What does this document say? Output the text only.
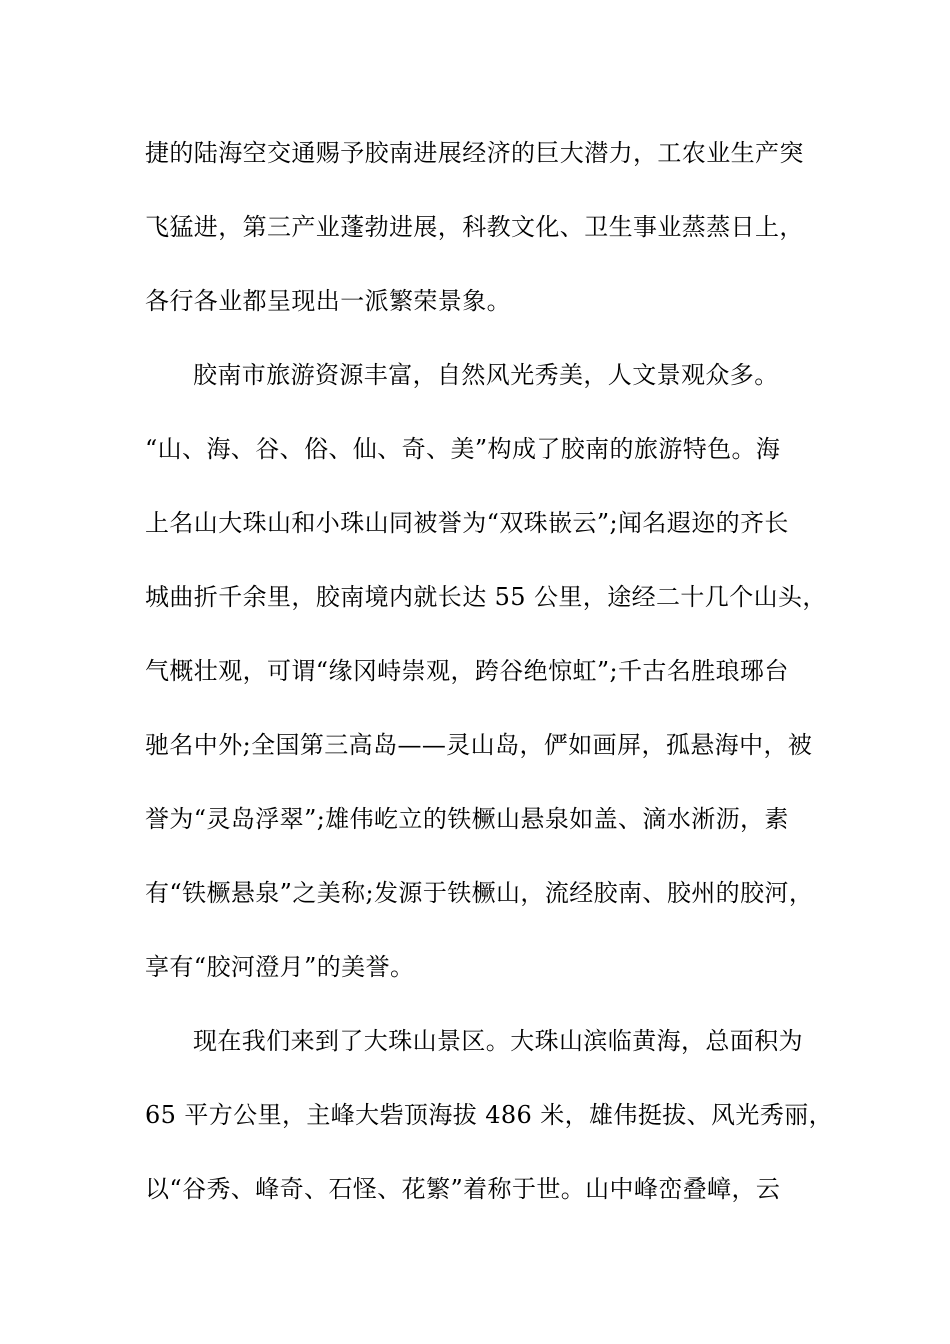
捷的陆海空交通赐予胶南进展经济的巨大潜力，工农业生产突
飞猛进，第三产业蓬勃进展，科教文化、卫生事业蒸蒸日上，
各行各业都呈现出一派繁荣景象。
胶南市旅游资源丰富，自然风光秀美，人文景观众多。
“山、海、谷、俗、仙、奇、美”构成了胶南的旅游特色。海
上名山大珠山和小珠山同被誉为“双珠嵌云”;闻名遐迩的齐长
城曲折千余里，胶南境内就长达 55 公里，途经二十几个山头，
气概壮观，可谓“缘冈峙崇观，跨谷绝惊虹”;千古名胜琅琊台
驰名中外;全国第三高岛——灵山岛，俨如画屏，孤悬海中，被
誉为“灵岛浮翠”;雄伟屹立的铁橛山悬泉如盖、滴水淅沥，素
有“铁橛悬泉”之美称;发源于铁橛山，流经胶南、胶州的胶河，
享有“胶河澄月”的美誉。
现在我们来到了大珠山景区。大珠山滨临黄海，总面积为
65 平方公里，主峰大砦顶海拔 486 米，雄伟挺拔、风光秀丽，
以“谷秀、峰奇、石怪、花繁”着称于世。山中峰峦叠嶂，云
